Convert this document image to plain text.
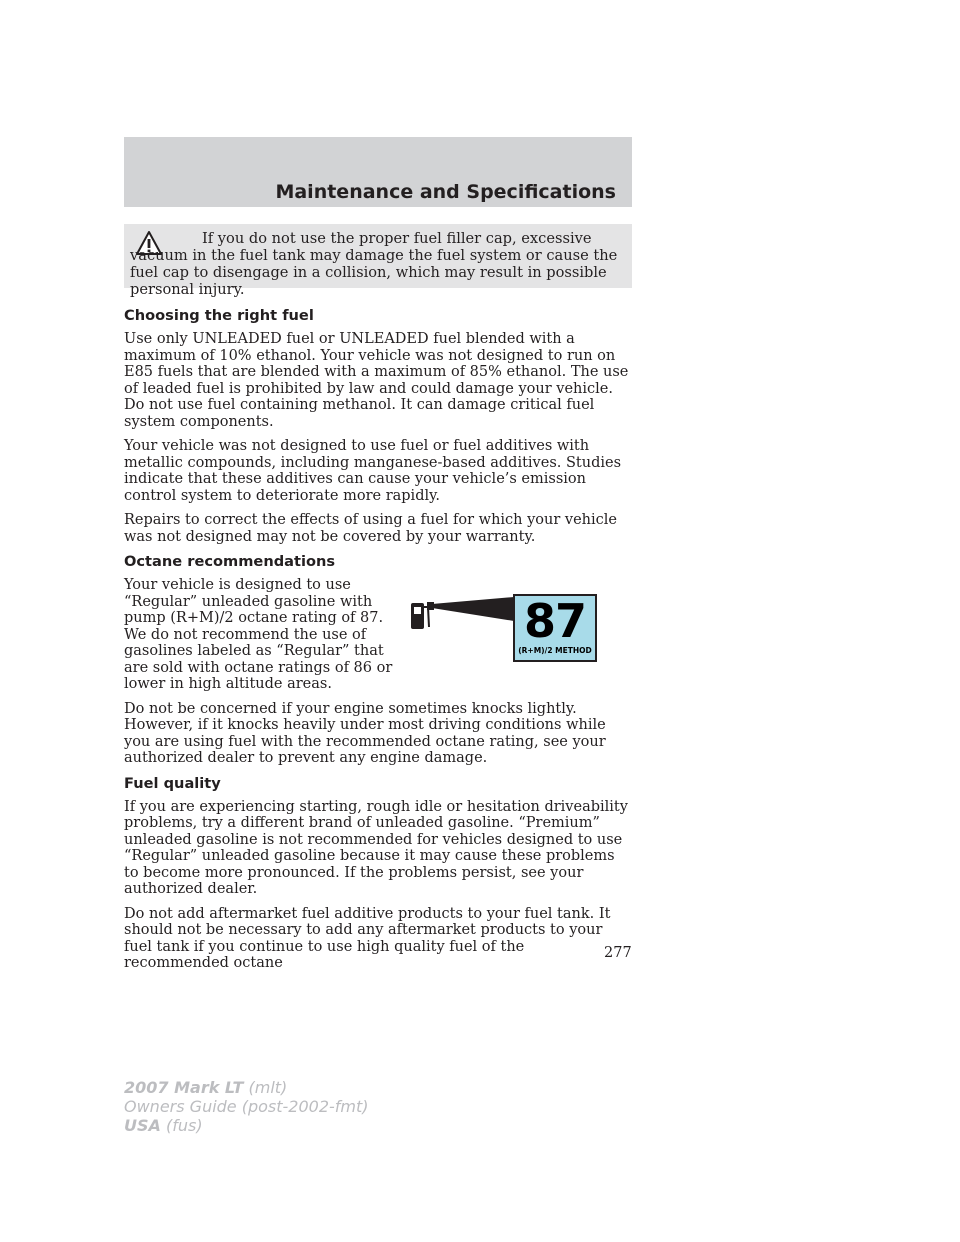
Maintenance and Specifications

If you do not use the proper fuel filler cap, excessive vacuum in the fuel tank may damage the fuel system or cause the fuel cap to disengage in a collision, which may result in possible personal injury.

Choosing the right fuel

Use only UNLEADED fuel or UNLEADED fuel blended with a maximum of 10% ethanol. Your vehicle was not designed to run on E85 fuels that are blended with a maximum of 85% ethanol. The use of leaded fuel is prohibited by law and could damage your vehicle. Do not use fuel containing methanol. It can damage critical fuel system components.

Your vehicle was not designed to use fuel or fuel additives with metallic compounds, including manganese-based additives. Studies indicate that these additives can cause your vehicle’s emission control system to deteriorate more rapidly.

Repairs to correct the effects of using a fuel for which your vehicle was not designed may not be covered by your warranty.

Octane recommendations
87
(R+M)/2 METHOD

Your vehicle is designed to use “Regular” unleaded gasoline with pump (R+M)/2 octane rating of 87. We do not recommend the use of gasolines labeled as “Regular” that are sold with octane ratings of 86 or lower in high altitude areas.

Do not be concerned if your engine sometimes knocks lightly. However, if it knocks heavily under most driving conditions while you are using fuel with the recommended octane rating, see your authorized dealer to prevent any engine damage.

Fuel quality

If you are experiencing starting, rough idle or hesitation driveability problems, try a different brand of unleaded gasoline. “Premium” unleaded gasoline is not recommended for vehicles designed to use “Regular” unleaded gasoline because it may cause these problems to become more pronounced. If the problems persist, see your authorized dealer.

Do not add aftermarket fuel additive products to your fuel tank. It should not be necessary to add any aftermarket products to your fuel tank if you continue to use high quality fuel of the recommended octane

277
2007 Mark LT (mlt)
Owners Guide (post-2002-fmt)
USA (fus)
